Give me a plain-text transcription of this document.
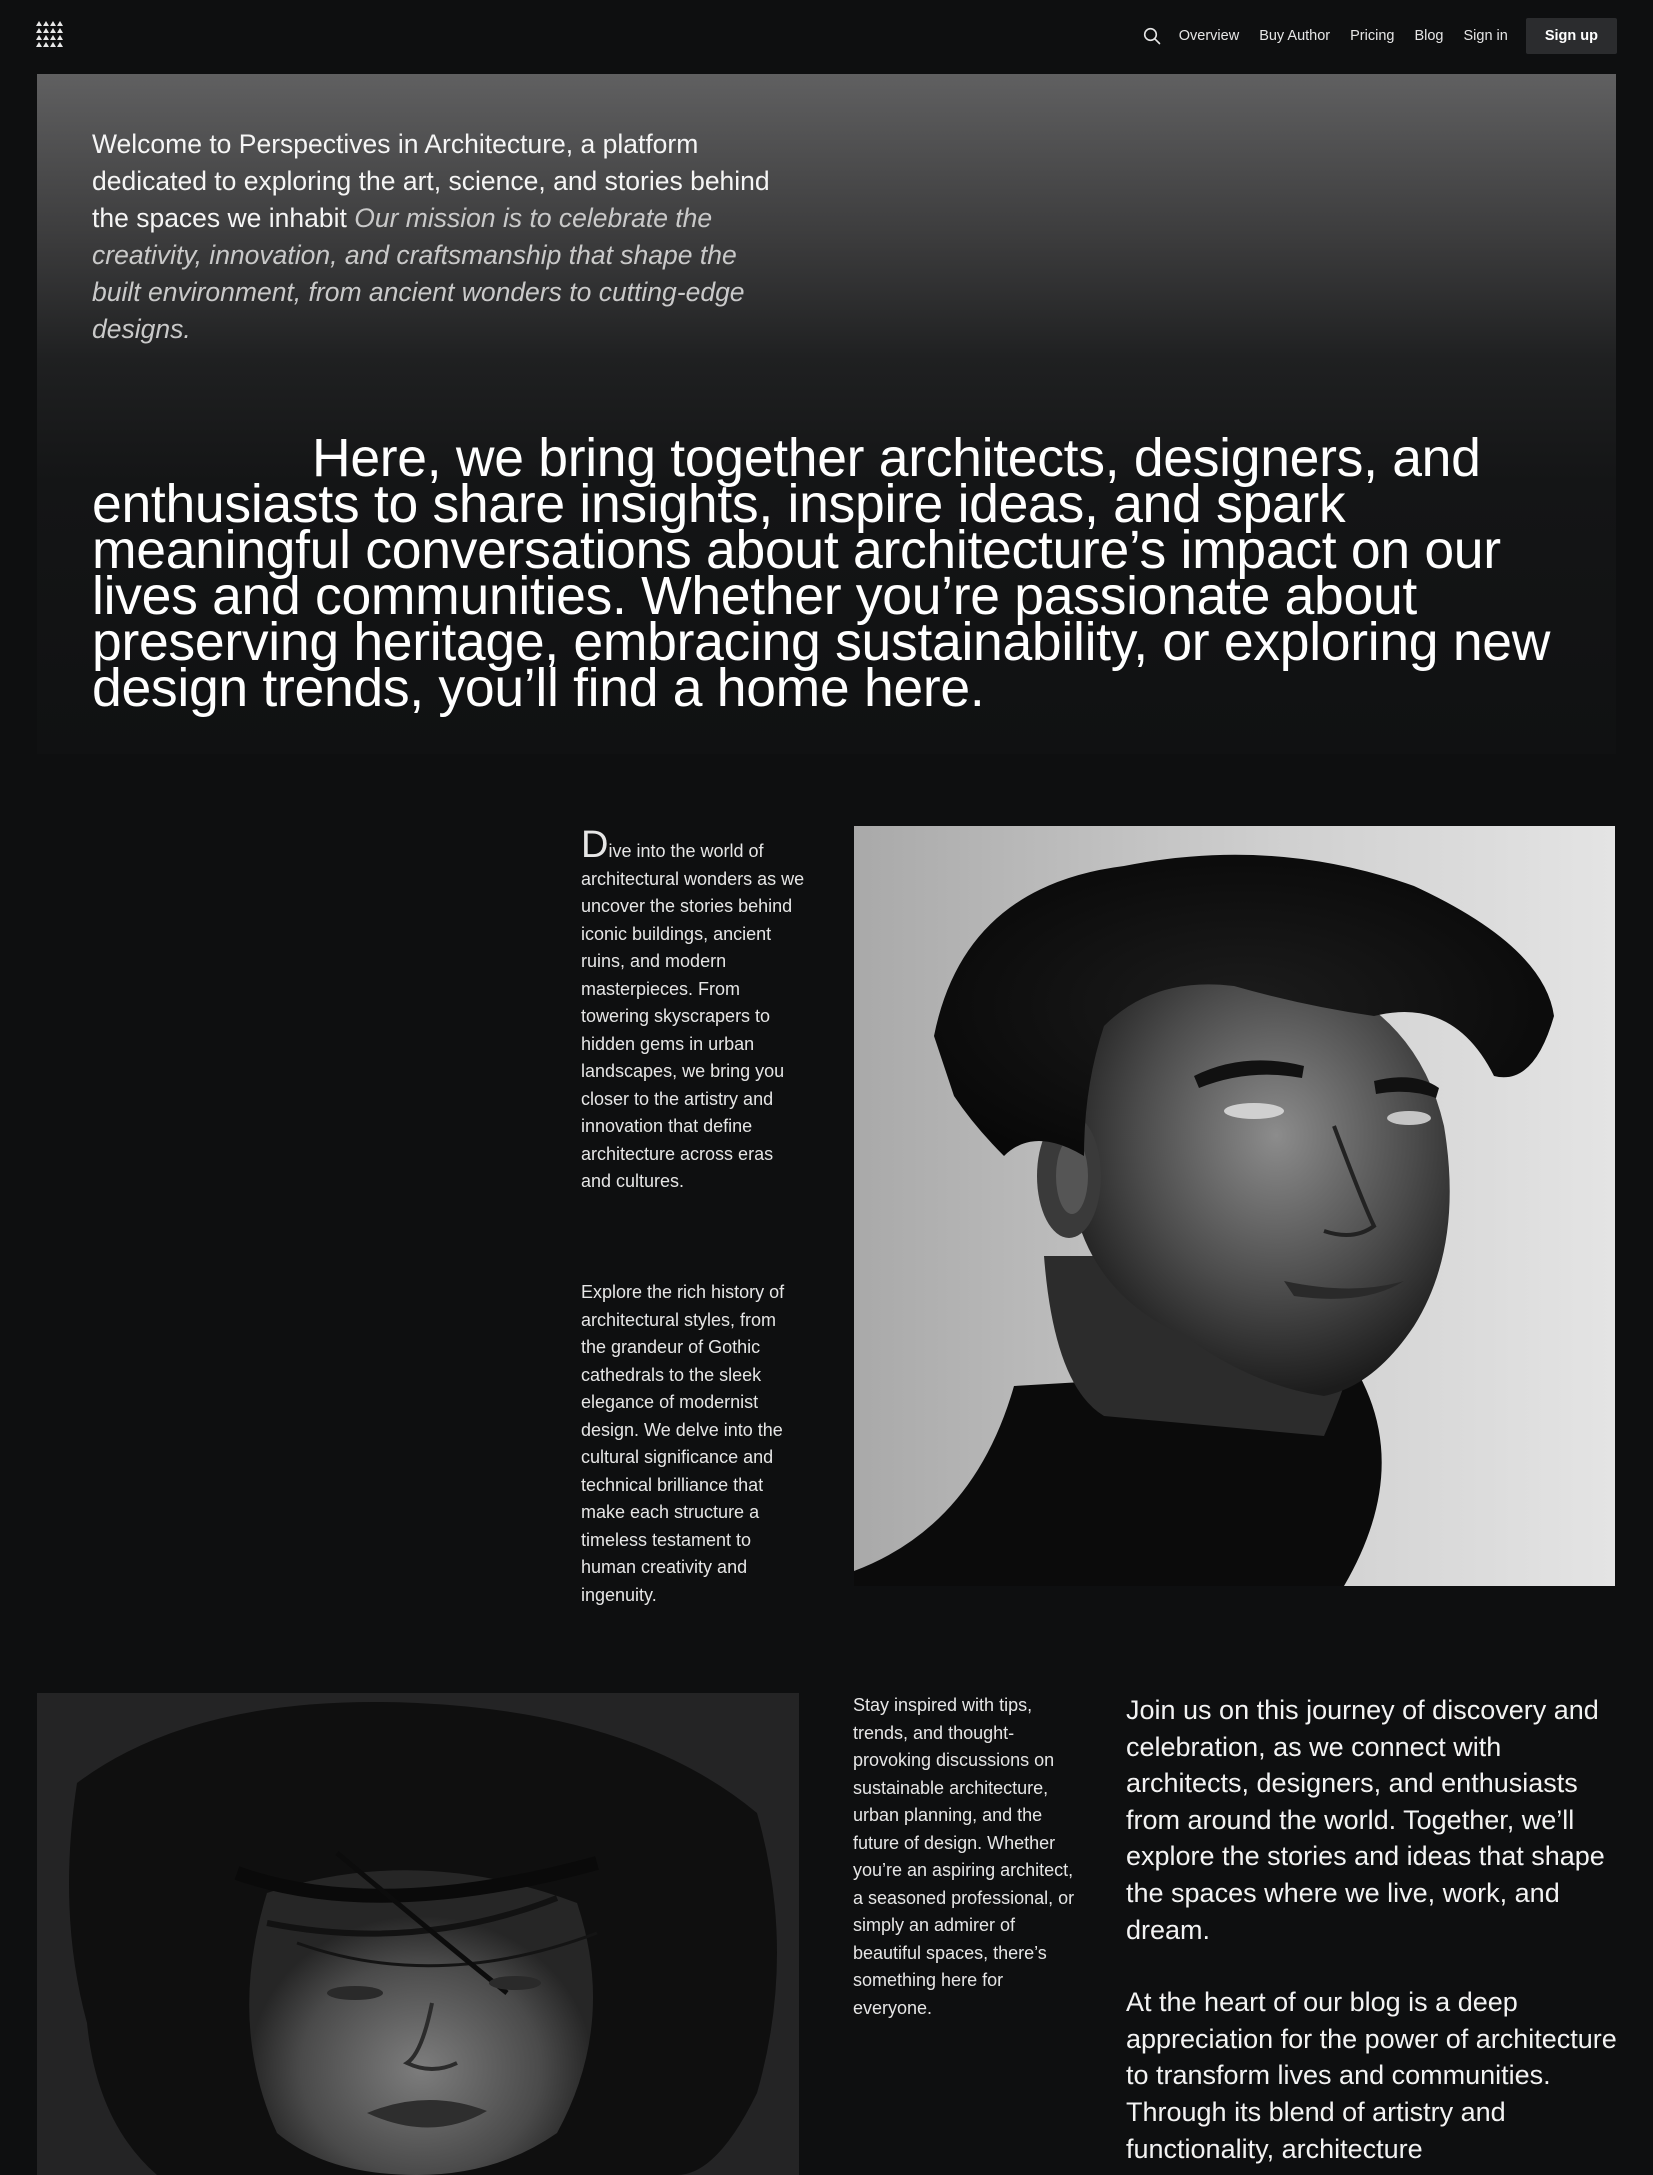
Overview Buy Author Pricing Blog Sign in	Sign up

Welcome to Perspectives in Architecture, a platform dedicated to exploring the art, science, and stories behind the spaces we inhabit Our mission is to celebrate the creativity, innovation, and craftsmanship that shape the built environment, from ancient wonders to cutting-edge designs.

Here, we bring together architects, designers, and enthusiasts to share insights, inspire ideas, and spark meaningful conversations about architecture’s impact on our lives and communities. Whether you’re passionate about preserving heritage, embracing sustainability, or exploring new design trends, you’ll find a home here.

Dive into the world of architectural wonders as we uncover the stories behind iconic buildings, ancient ruins, and modern masterpieces. From towering skyscrapers to hidden gems in urban landscapes, we bring you closer to the artistry and innovation that define architecture across eras and cultures.

Explore the rich history of architectural styles, from the grandeur of Gothic cathedrals to the sleek elegance of modernist design. We delve into the cultural significance and technical brilliance that make each structure a timeless testament to human creativity and ingenuity.

Stay inspired with tips, trends, and thought-provoking discussions on sustainable architecture, urban planning, and the future of design. Whether you’re an aspiring architect, a seasoned professional, or simply an admirer of beautiful spaces, there’s something here for everyone.

Join us on this journey of discovery and celebration, as we connect with architects, designers, and enthusiasts from around the world. Together, we’ll explore the stories and ideas that shape the spaces where we live, work, and dream.

At the heart of our blog is a deep appreciation for the power of architecture to transform lives and communities. Through its blend of artistry and functionality, architecture
